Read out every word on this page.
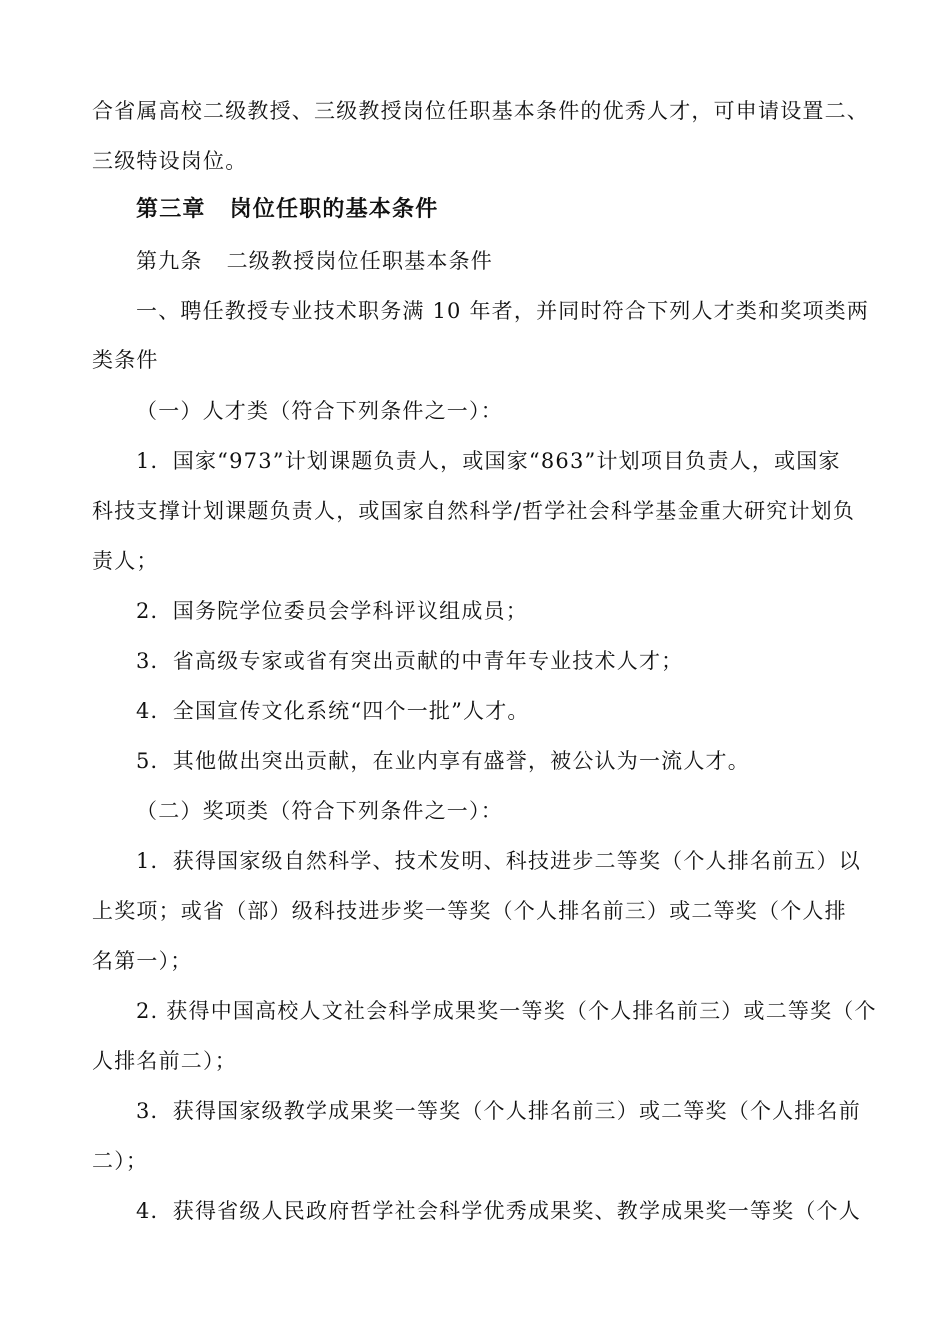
合省属高校二级教授、三级教授岗位任职基本条件的优秀人才，可申请设置二、
三级特设岗位。
第三章 岗位任职的基本条件
第九条 二级教授岗位任职基本条件
一、聘任教授专业技术职务满 10 年者，并同时符合下列人才类和奖项类两
类条件
（一）人才类（符合下列条件之一）：
1．国家“973”计划课题负责人，或国家“863”计划项目负责人，或国家
科技支撑计划课题负责人，或国家自然科学/哲学社会科学基金重大研究计划负
责人；
2．国务院学位委员会学科评议组成员；
3．省高级专家或省有突出贡献的中青年专业技术人才；
4．全国宣传文化系统“四个一批”人才。
5．其他做出突出贡献，在业内享有盛誉，被公认为一流人才。
（二）奖项类（符合下列条件之一）：
1．获得国家级自然科学、技术发明、科技进步二等奖（个人排名前五）以
上奖项；或省（部）级科技进步奖一等奖（个人排名前三）或二等奖（个人排
名第一）；
2. 获得中国高校人文社会科学成果奖一等奖（个人排名前三）或二等奖（个
人排名前二）；
3．获得国家级教学成果奖一等奖（个人排名前三）或二等奖（个人排名前
二）；
4．获得省级人民政府哲学社会科学优秀成果奖、教学成果奖一等奖（个人
